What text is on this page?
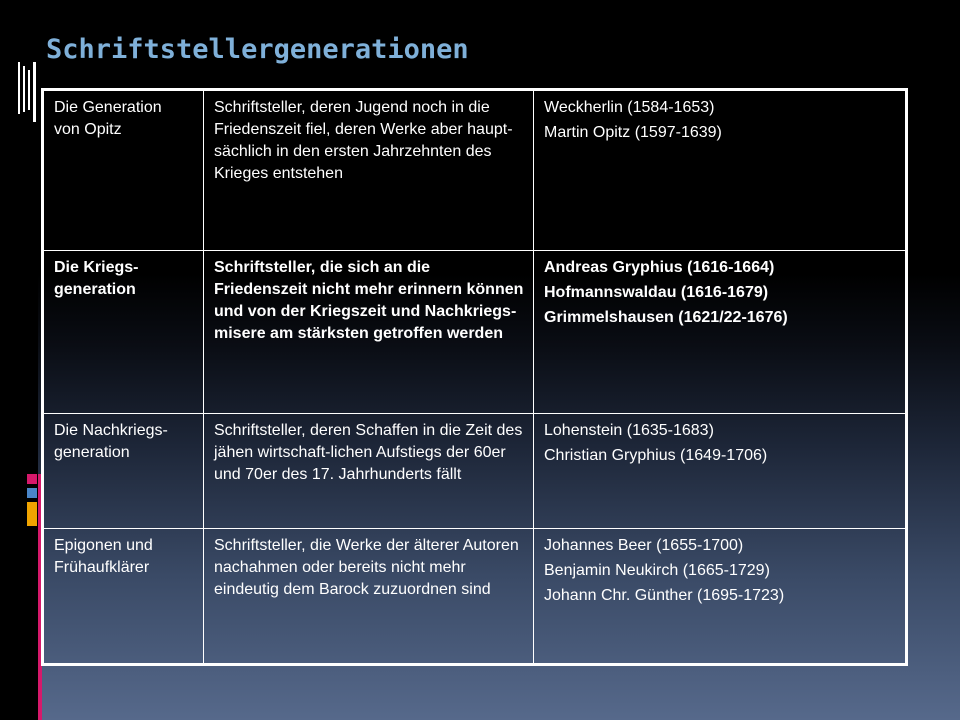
Schriftstellergenerationen
Die Generation
von Opitz	Schriftsteller, deren Jugend noch in die Friedenszeit fiel, deren Werke aber haupt-sächlich in den ersten Jahrzehnten des Krieges entstehen	Weckherlin (1584-1653)
Martin Opitz (1597-1639)

Die Kriegs-
generation	Schriftsteller, die sich an die Friedenszeit nicht mehr erinnern können und von der Kriegszeit und Nachkriegs-misere am stärksten getroffen werden	Andreas Gryphius (1616-1664)
Hofmannswaldau (1616-1679)
Grimmelshausen (1621/22-1676)

Die Nachkriegs-
generation	Schriftsteller, deren Schaffen in die Zeit des jähen wirtschaft-lichen Aufstiegs der 60er und 70er des 17. Jahrhunderts fällt	Lohenstein (1635-1683)
Christian Gryphius (1649-1706)

Epigonen und
Frühaufklärer	Schriftsteller, die Werke der älterer Autoren nachahmen oder bereits nicht mehr eindeutig dem Barock zuzuordnen sind	Johannes Beer (1655-1700)
Benjamin Neukirch (1665-1729)
Johann Chr. Günther (1695-1723)
